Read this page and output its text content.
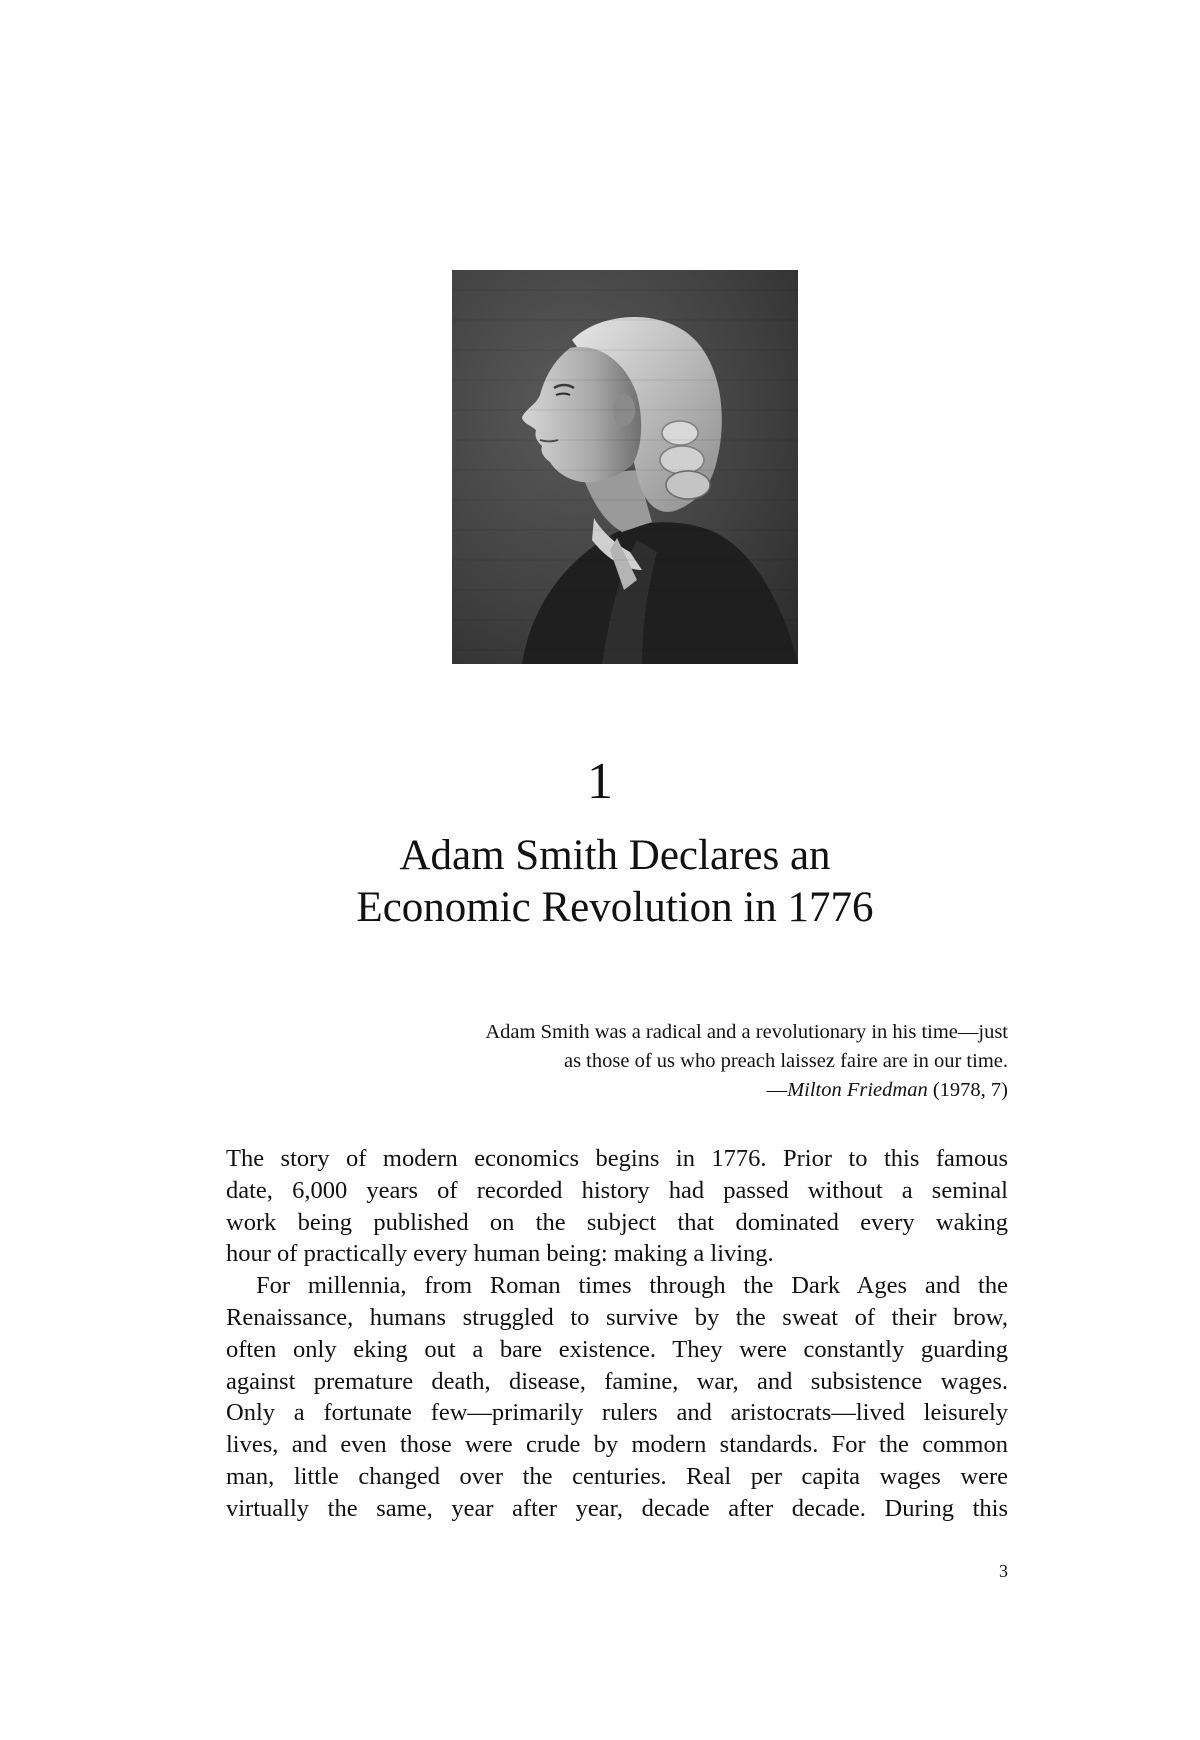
1
Adam Smith Declares an
Economic Revolution in 1776
Adam Smith was a radical and a revolutionary in his time—just
as those of us who preach laissez faire are in our time.
—Milton Friedman (1978, 7)
The story of modern economics begins in 1776. Prior to this famous
date, 6,000 years of recorded history had passed without a seminal
work being published on the subject that dominated every waking
hour of practically every human being: making a living.
For millennia, from Roman times through the Dark Ages and the
Renaissance, humans struggled to survive by the sweat of their brow,
often only eking out a bare existence. They were constantly guarding
against premature death, disease, famine, war, and subsistence wages.
Only a fortunate few—primarily rulers and aristocrats—lived leisurely
lives, and even those were crude by modern standards. For the common
man, little changed over the centuries. Real per capita wages were
virtually the same, year after year, decade after decade. During this
3
